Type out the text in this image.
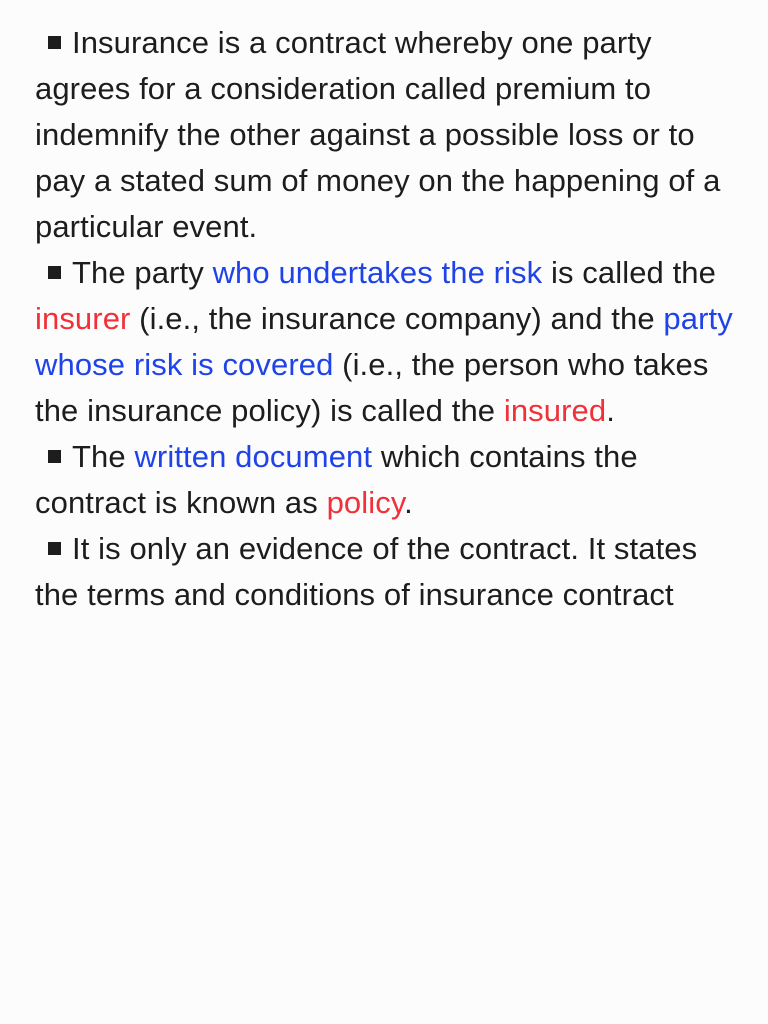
Insurance is a contract whereby one party agrees for a consideration called premium to indemnify the other against a possible loss or to pay a stated sum of money on the happening of a particular event.

The party who undertakes the risk is called the insurer (i.e., the insurance company) and the party whose risk is covered (i.e., the person who takes the insurance policy) is called the insured.

The written document which contains the contract is known as policy.

It is only an evidence of the contract. It states the terms and conditions of insurance contract
